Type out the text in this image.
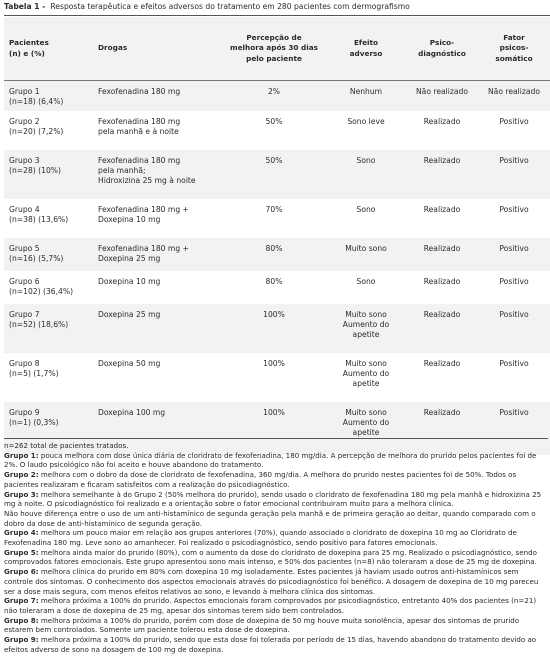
Tabela 1 - Resposta terapêutica e efeitos adversos do tratamento em 280 pacientes com dermografismo
Pacientes
(n) e (%)	Drogas	Percepção de
melhora após 30 dias
pelo paciente	Efeito
adverso	Psico-
diagnóstico	Fator
psicos-
somático
Grupo 1
(n=18) (6,4%)	Fexofenadina 180 mg	2%	Nenhum	Não realizado	Não realizado
Grupo 2
(n=20) (7,2%)	Fexofenadina 180 mg
pela manhã e à noite	50%	Sono leve	Realizado	Positivo
Grupo 3
(n=28) (10%)	Fexofenadina 180 mg
pela manhã;
Hidroxizina 25 mg à noite	50%	Sono	Realizado	Positivo
Grupo 4
(n=38) (13,6%)	Fexofenadina 180 mg +
Doxepina 10 mg	70%	Sono	Realizado	Positivo
Grupo 5
(n=16) (5,7%)	Fexofenadina 180 mg +
Doxepina 25 mg	80%	Muito sono	Realizado	Positivo
Grupo 6
(n=102) (36,4%)	Doxepina 10 mg	80%	Sono	Realizado	Positivo
Grupo 7
(n=52) (18,6%)	Doxepina 25 mg	100%	Muito sono
Aumento do
apetite	Realizado	Positivo
Grupo 8
(n=5) (1,7%)	Doxepina 50 mg	100%	Muito sono
Aumento do
apetite	Realizado	Positivo
Grupo 9
(n=1) (0,3%)	Doxepina 100 mg	100%	Muito sono
Aumento do
apetite	Realizado	Positivo

n=262 total de pacientes tratados.

Grupo 1: pouca melhora com dose única diária de cloridrato de fexofenadina, 180 mg/dia. A percepção de melhora do prurido pelos pacientes foi de 2%. O laudo psicológico não foi aceito e houve abandono do tratamento.

Grupo 2: melhora com o dobro da dose de cloridrato de fexofenadina, 360 mg/dia. A melhora do prurido nestes pacientes foi de 50%. Todos os pacientes realizaram e ficaram satisfeitos com a realização do psicodiagnóstico.

Grupo 3: melhora semelhante à do Grupo 2 (50% melhora do prurido), sendo usado o cloridrato de fexofenadina 180 mg pela manhã e hidroxizina 25 mg à noite. O psicodiagnóstico foi realizado e a orientação sobre o fator emocional contribuiram muito para a melhora clínica.

Não houve diferença entre o uso de um anti-histamínico de segunda geração pela manhã e de primeira geração ao deitar, quando comparado com o dobro da dose de anti-histamínico de segunda geração.

Grupo 4: melhora um pouco maior em relação aos grupos anteriores (70%), quando associado o cloridrato de doxepina 10 mg ao Cloridrato de Fexofenadina 180 mg. Leve sono ao amanhecer. Foi realizado o psicodiagnóstico, sendo positivo para fatores emocionais.

Grupo 5: melhora ainda maior do prurido (80%), com o aumento da dose do cloridrato de doxepina para 25 mg. Realizado o psicodiagnóstico, sendo comprovados fatores emocionais. Este grupo apresentou sono mais intenso, e 50% dos pacientes (n=8) não toleraram a dose de 25 mg de doxepina.

Grupo 6: melhora clínica do prurido em 80% com doxepina 10 mg isoladamente. Estes pacientes já haviam usado outros anti-histamínicos sem controle dos sintomas. O conhecimento dos aspectos emocionais através do psicodiagnóstico foi benéfico. A dosagem de doxepina de 10 mg pareceu ser a dose mais segura, com menos efeitos relativos ao sono, e levando à melhora clínica dos sintomas.

Grupo 7: melhora próxima a 100% do prurido. Aspectos emocionais foram comprovados por psicodiagnóstico, entretanto 40% dos pacientes (n=21) não toleraram a dose de doxepina de 25 mg, apesar dos sintomas terem sido bem controlados.

Grupo 8: melhora próxima a 100% do prurido, porém com dose de doxepina de 50 mg houve muita sonolência, apesar dos sintomas de prurido estarem bem controlados. Somente um paciente tolerou esta dose de doxepina.

Grupo 9: melhora próxima a 100% do prurido, sendo que esta dose foi tolerada por período de 15 dias, havendo abandono do tratamento devido ao efeitos adverso de sono na dosagem de 100 mg de doxepina.
